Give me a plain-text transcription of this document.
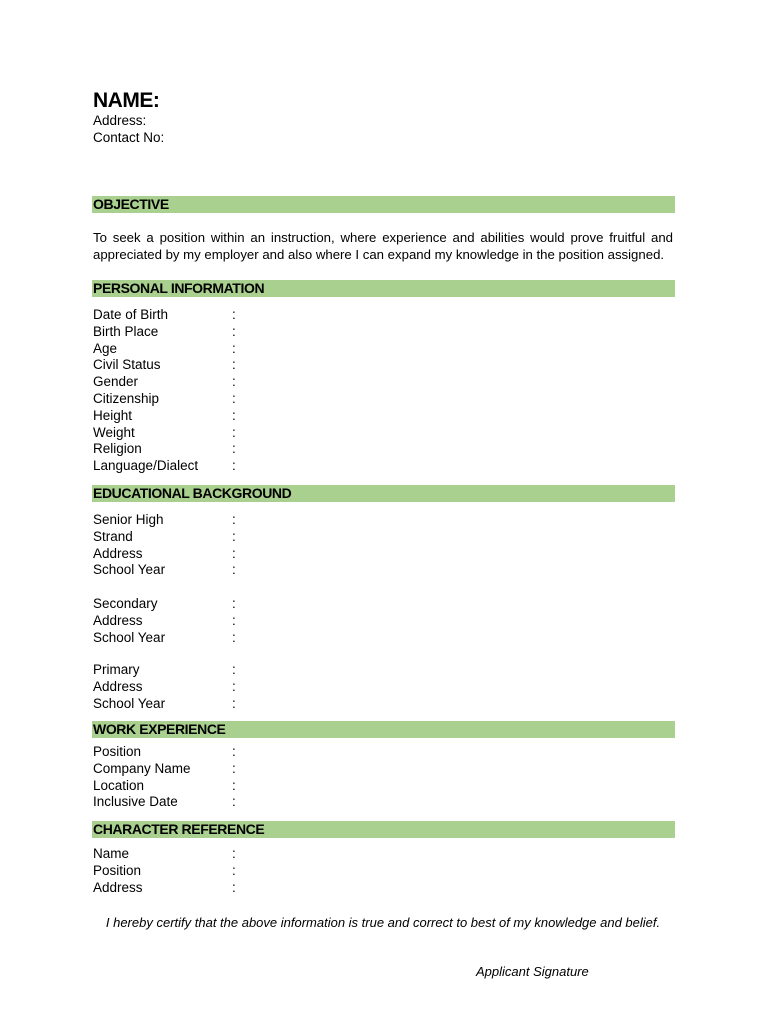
NAME:
Address:
Contact No:
OBJECTIVE

To seek a position within an instruction, where experience and abilities would prove fruitful and appreciated by my employer and also where I can expand my knowledge in the position assigned.

PERSONAL INFORMATION
Date of Birth	:
Birth Place	:
Age	:
Civil Status	:
Gender	:
Citizenship	:
Height	:
Weight	:
Religion	:
Language/Dialect	:
EDUCATIONAL BACKGROUND
Senior High	:
Strand	:
Address	:
School Year	:
Secondary	:
Address	:
School Year	:
Primary	:
Address	:
School Year	:
WORK EXPERIENCE
Position	:
Company Name	:
Location	:
Inclusive Date	:
CHARACTER REFERENCE
Name	:
Position	:
Address	:
I hereby certify that the above information is true and correct to best of my knowledge and belief.
Applicant Signature
